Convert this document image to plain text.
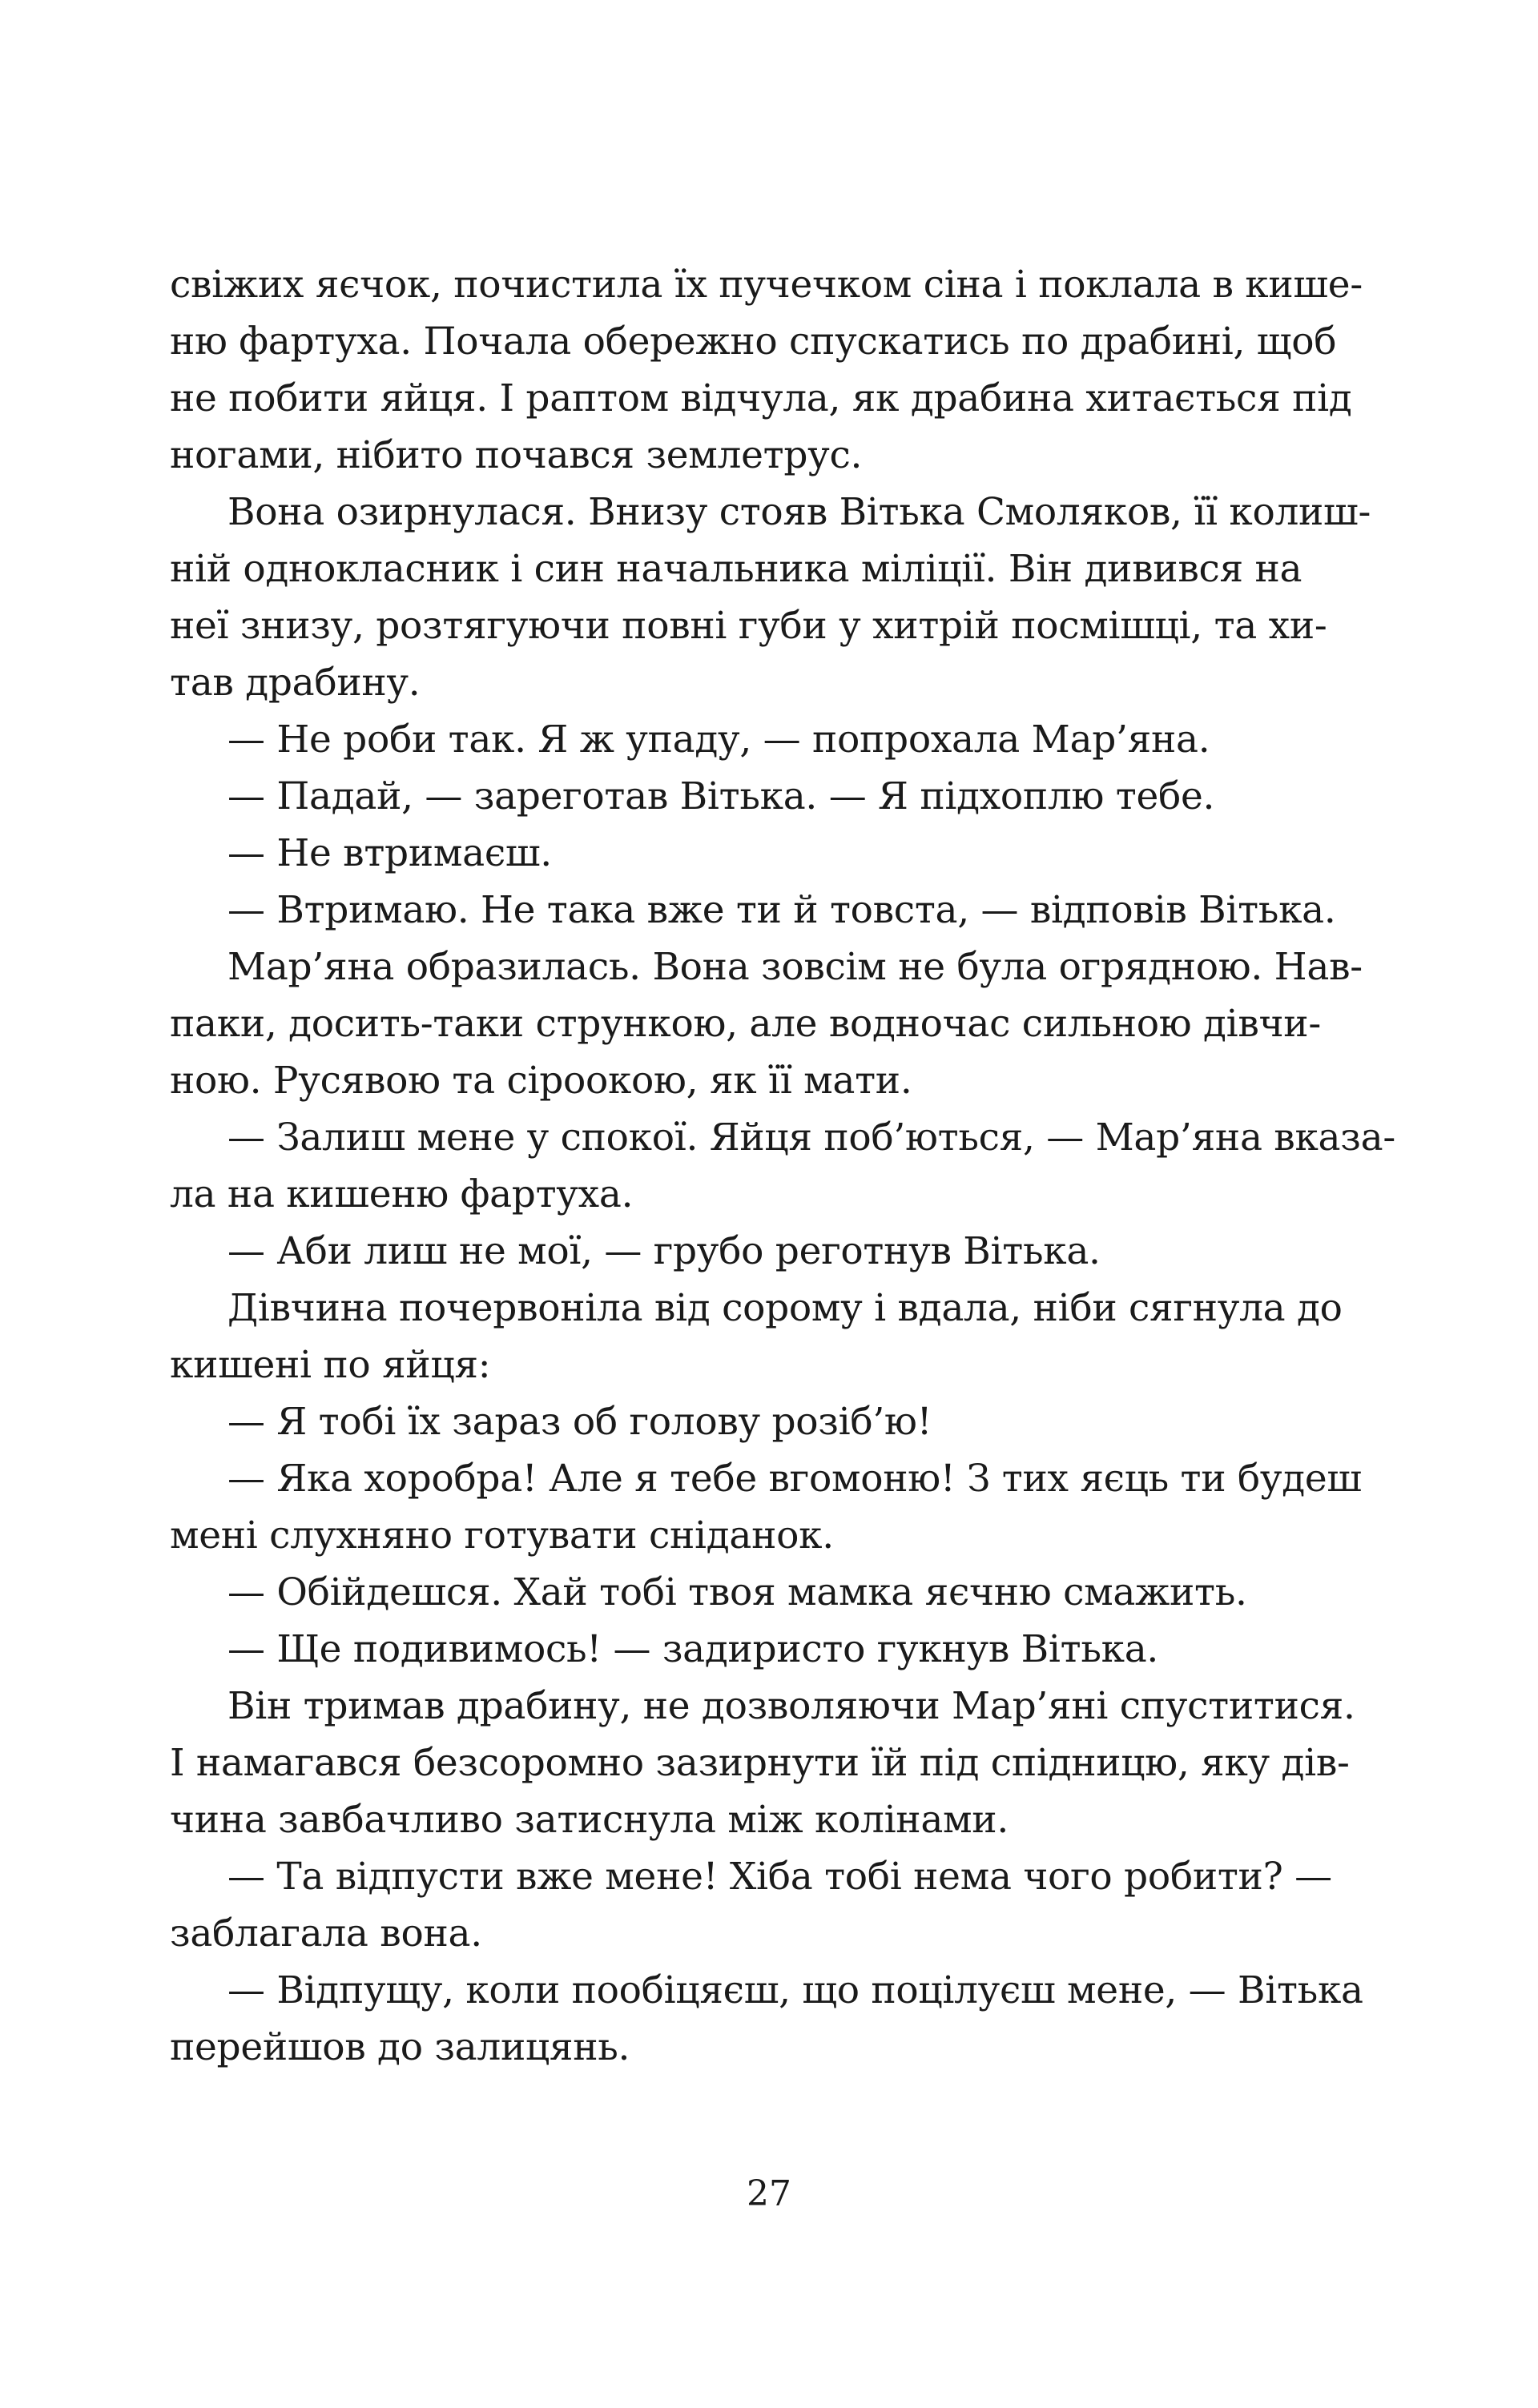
свіжих яєчок, почистила їх пучечком сіна і поклала в кише-
ню фартуха. Почала обережно спускатись по драбині, щоб
не побити яйця. І раптом відчула, як драбина хитається під
ногами, нібито почався землетрус.
Вона озирнулася. Внизу стояв Вітька Смоляков, її колиш-
ній однокласник і син начальника міліції. Він дивився на
неї знизу, розтягуючи повні губи у хитрій посмішці, та хи-
тав драбину.
— Не роби так. Я ж упаду, — попрохала Мар’яна.
— Падай, — зареготав Вітька. — Я підхоплю тебе.
— Не втримаєш.
— Втримаю. Не така вже ти й товста, — відповів Вітька.
Мар’яна образилась. Вона зовсім не була огрядною. Нав-
паки, досить-таки стрункою, але водночас сильною дівчи-
ною. Русявою та сіроокою, як її мати.
— Залиш мене у спокої. Яйця поб’ються, — Мар’яна вказа-
ла на кишеню фартуха.
— Аби лиш не мої, — грубо реготнув Вітька.
Дівчина почервоніла від сорому і вдала, ніби сягнула до
кишені по яйця:
— Я тобі їх зараз об голову розіб’ю!
— Яка хоробра! Але я тебе вгомоню! З тих яєць ти будеш
мені слухняно готувати сніданок.
— Обійдешся. Хай тобі твоя мамка яєчню смажить.
— Ще подивимось! — задиристо гукнув Вітька.
Він тримав драбину, не дозволяючи Мар’яні спуститися.
І намагався безсоромно зазирнути їй під спідницю, яку дів-
чина завбачливо затиснула між колінами.
— Та відпусти вже мене! Хіба тобі нема чого робити? —
заблагала вона.
— Відпущу, коли пообіцяєш, що поцілуєш мене, — Вітька
перейшов до залицянь.
27
